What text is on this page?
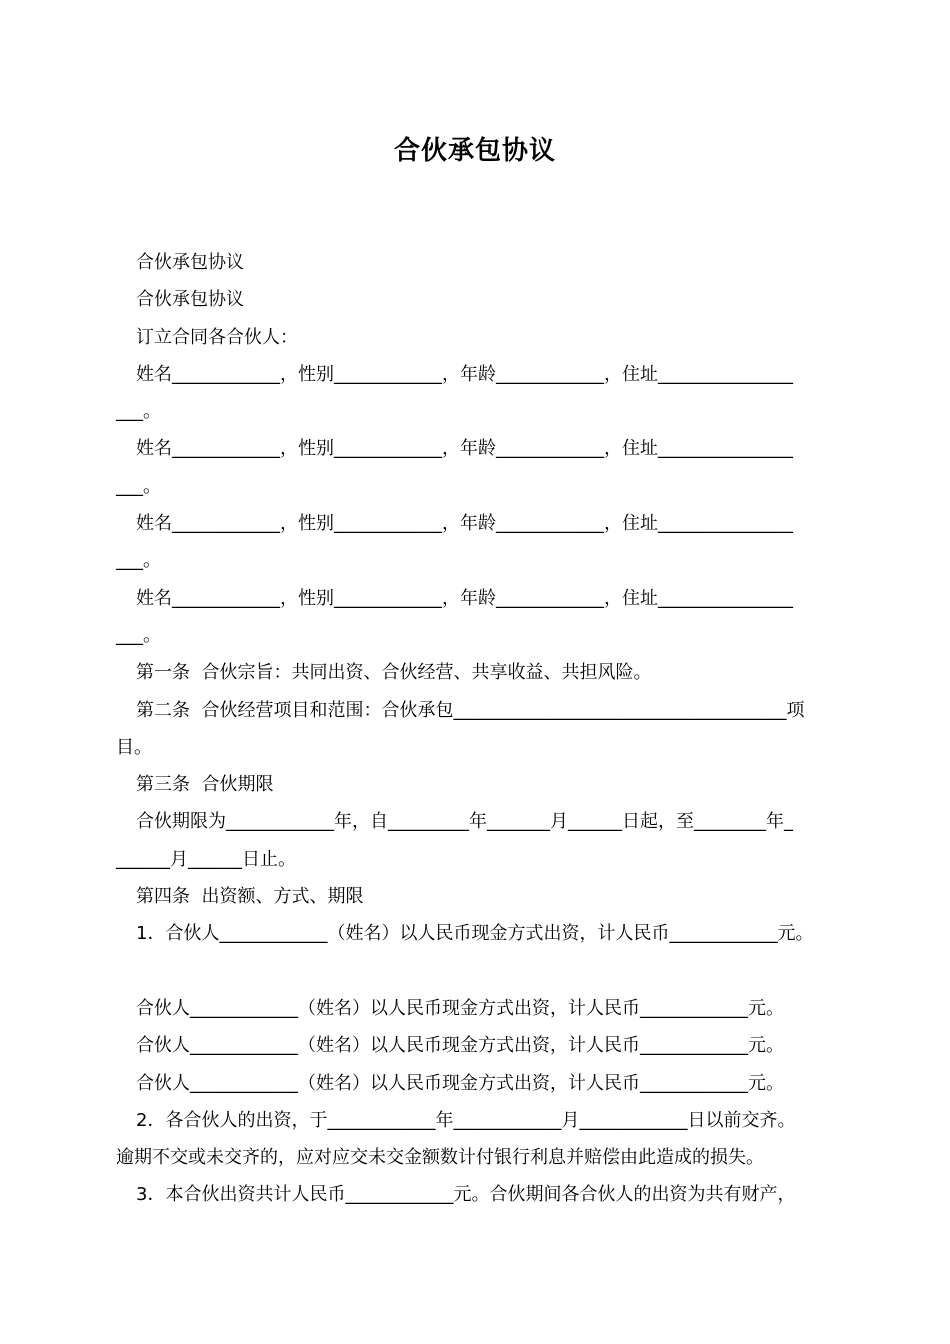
合伙承包协议
合伙承包协议
合伙承包协议
订立合同各合伙人：
姓名____________，性别____________，年龄____________，住址_______________
___。
姓名____________，性别____________，年龄____________，住址_______________
___。
姓名____________，性别____________，年龄____________，住址_______________
___。
姓名____________，性别____________，年龄____________，住址_______________
___。
第一条  合伙宗旨：共同出资、合伙经营、共享收益、共担风险。
第二条  合伙经营项目和范围：合伙承包_____________________________________项
目。
第三条  合伙期限
合伙期限为____________年，自_________年_______月______日起，至________年_
______月______日止。
第四条  出资额、方式、期限
1．合伙人____________（姓名）以人民币现金方式出资，计人民币____________元。
合伙人____________（姓名）以人民币现金方式出资，计人民币____________元。
合伙人____________（姓名）以人民币现金方式出资，计人民币____________元。
合伙人____________（姓名）以人民币现金方式出资，计人民币____________元。
2．各合伙人的出资，于____________年____________月____________日以前交齐。
逾期不交或未交齐的，应对应交未交金额数计付银行利息并赔偿由此造成的损失。
3．本合伙出资共计人民币____________元。合伙期间各合伙人的出资为共有财产，
